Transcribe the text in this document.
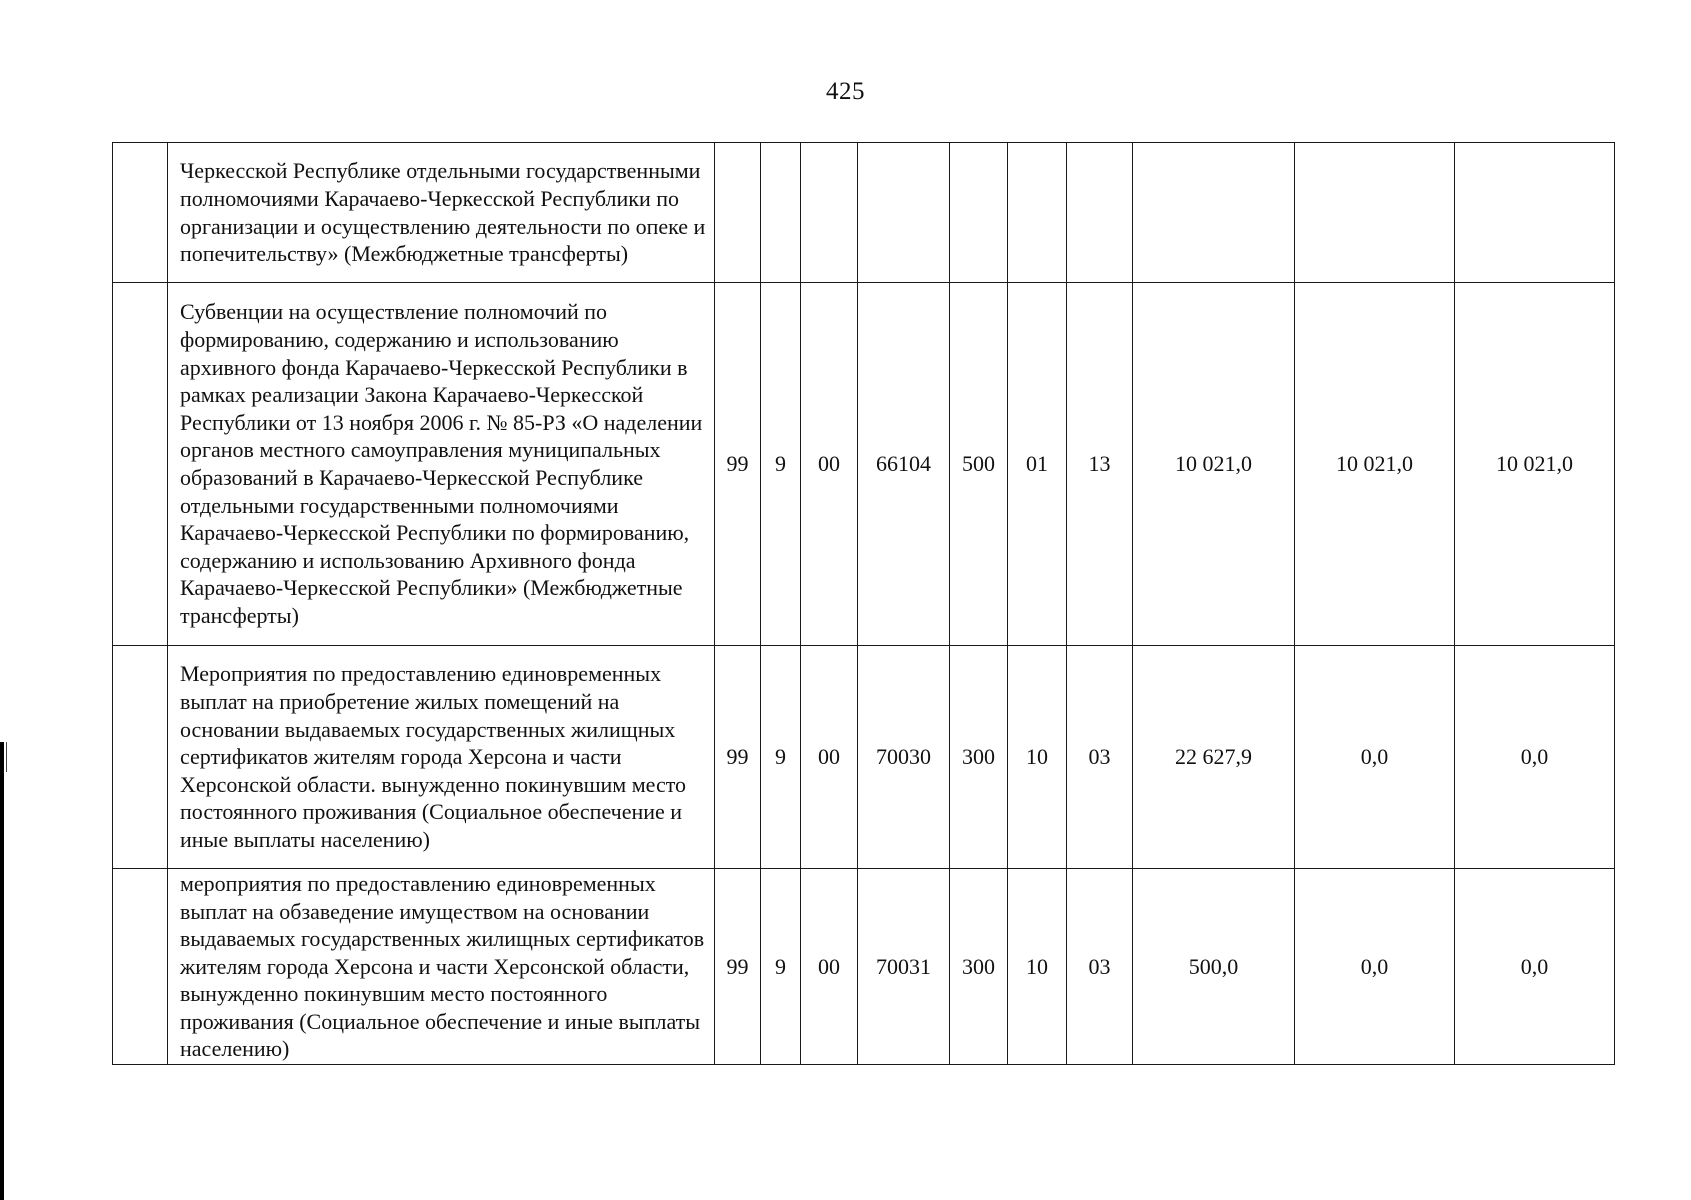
425
	Черкесской Республике отдельными государственными полномочиями Карачаево-Черкесской Республики по организации и осуществлению деятельности по опеке и попечительству» (Межбюджетные трансферты)										
	Субвенции на осуществление полномочий по формированию, содержанию и использованию архивного фонда Карачаево-Черкесской Республики в рамках реализации Закона Карачаево-Черкесской Республики от 13 ноября 2006 г. № 85-РЗ «О наделении органов местного самоуправления муниципальных образований в Карачаево-Черкесской Республике отдельными государственными полномочиями Карачаево-Черкесской Республики по формированию, содержанию и использованию Архивного фонда Карачаево-Черкесской Республики» (Межбюджетные трансферты)	99	9	00	66104	500	01	13	10 021,0	10 021,0	10 021,0
	Мероприятия по предоставлению единовременных выплат на приобретение жилых помещений на основании выдаваемых государственных жилищных сертификатов жителям города Херсона и части Херсонской области. вынужденно покинувшим место постоянного проживания (Социальное обеспечение и иные выплаты населению)	99	9	00	70030	300	10	03	22 627,9	0,0	0,0
	мероприятия по предоставлению единовременных выплат на обзаведение имуществом на основании выдаваемых государственных жилищных сертификатов жителям города Херсона и части Херсонской области, вынужденно покинувшим место постоянного проживания (Социальное обеспечение и иные выплаты населению)	99	9	00	70031	300	10	03	500,0	0,0	0,0
